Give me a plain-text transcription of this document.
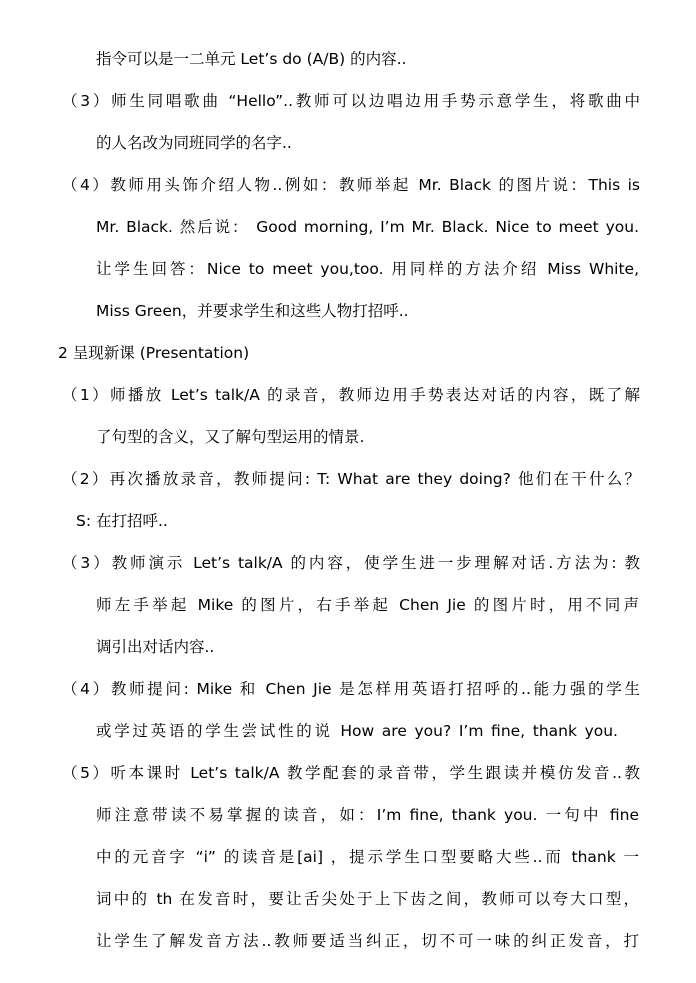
指令可以是一二单元 Let’s do (A/B) 的内容..
（3）师生同唱歌曲 “Hello”..教师可以边唱边用手势示意学生，将歌曲中
的人名改为同班同学的名字..
（4）教师用头饰介绍人物..例如：教师举起 Mr. Black 的图片说：This is
Mr. Black. 然后说： Good morning, I’m Mr. Black. Nice to meet you.
让学生回答：Nice to meet you,too. 用同样的方法介绍 Miss White,
Miss Green，并要求学生和这些人物打招呼..
2 呈现新课 (Presentation)
（1）师播放 Let’s talk/A 的录音，教师边用手势表达对话的内容，既了解
了句型的含义，又了解句型运用的情景.
（2）再次播放录音，教师提问: T: What are they doing? 他们在干什么？
S: 在打招呼..
（3）教师演示 Let’s talk/A 的内容，使学生进一步理解对话.方法为: 教
师左手举起 Mike 的图片，右手举起 Chen Jie 的图片时，用不同声
调引出对话内容..
（4）教师提问: Mike 和 Chen Jie 是怎样用英语打招呼的..能力强的学生
或学过英语的学生尝试性的说 How are you? I’m fine, thank you.
（5）听本课时 Let’s talk/A 教学配套的录音带，学生跟读并模仿发音..教
师注意带读不易掌握的读音，如：I’m fine, thank you. 一句中 fine
中的元音字 “i” 的读音是[ai] ，提示学生口型要略大些..而 thank 一
词中的 th 在发音时，要让舌尖处于上下齿之间，教师可以夸大口型，
让学生了解发音方法..教师要适当纠正，切不可一味的纠正发音，打
